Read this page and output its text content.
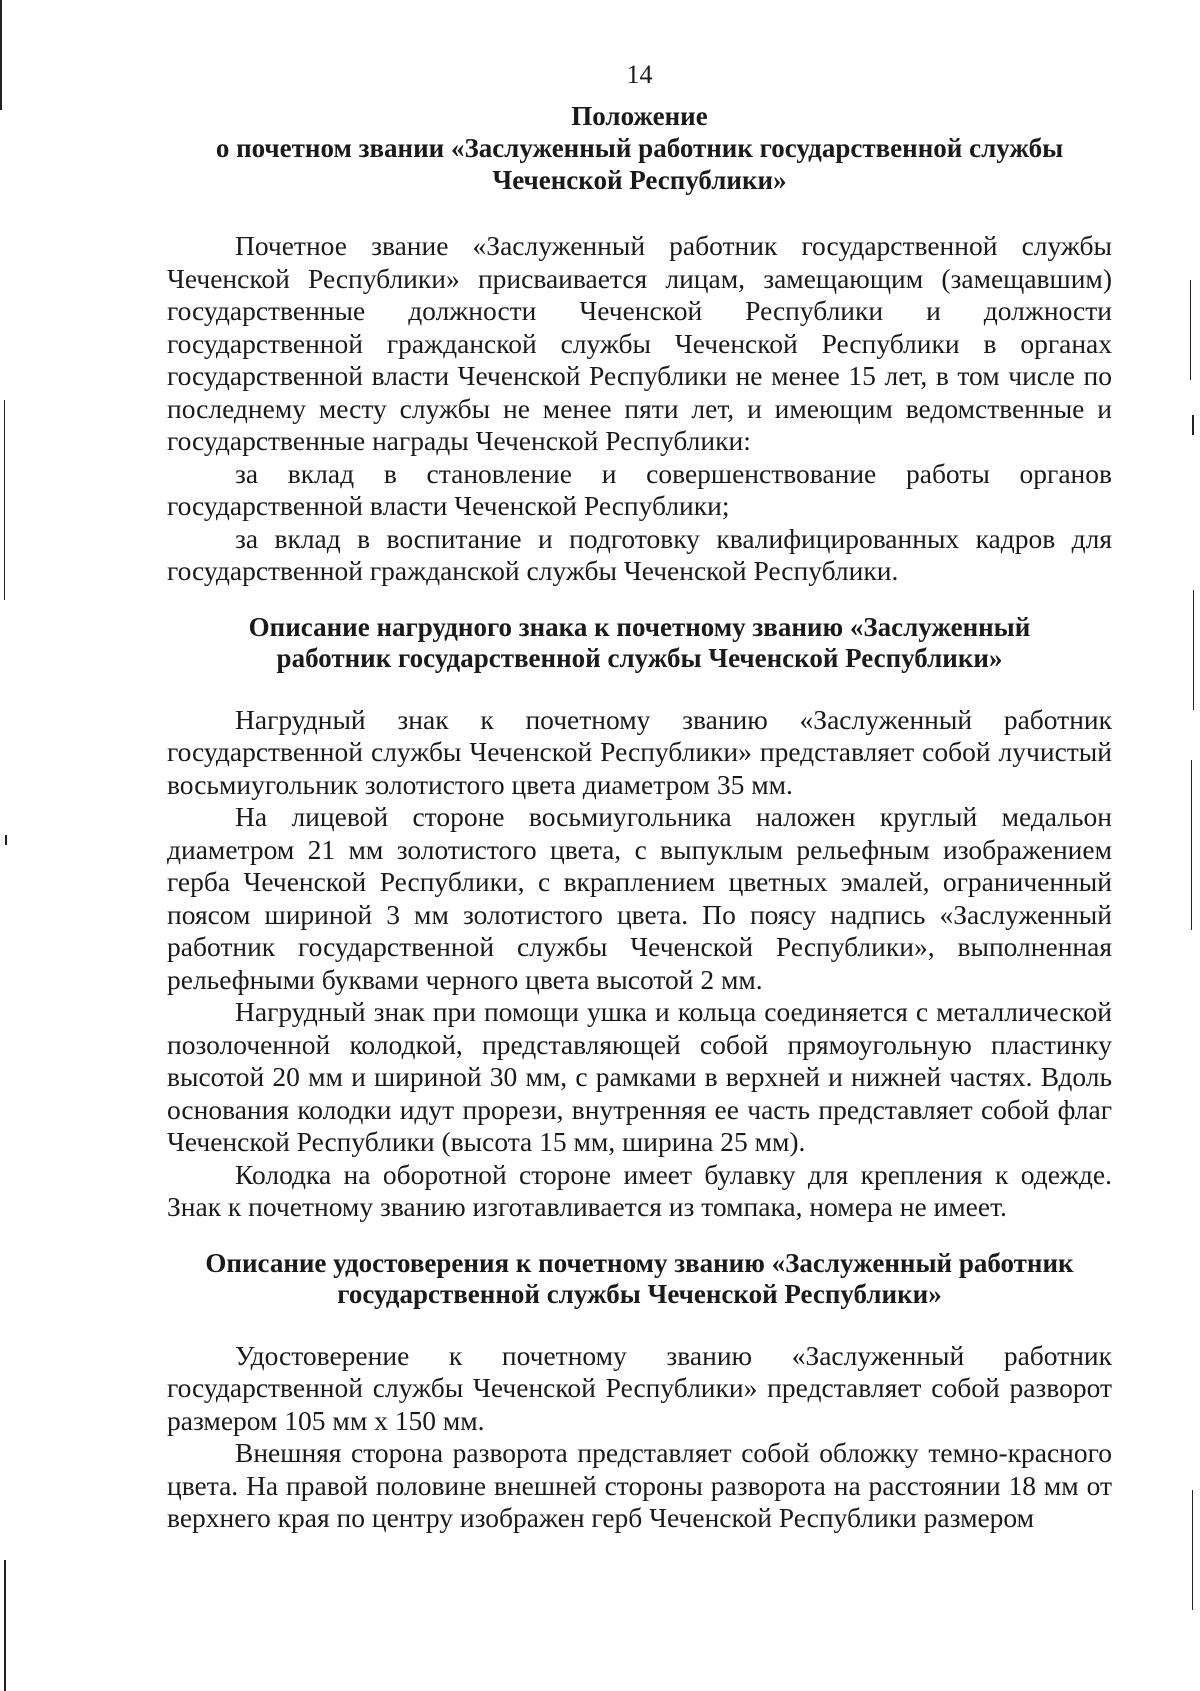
14
Положение
о почетном звании «Заслуженный работник государственной службы
Чеченской Республики»

Почетное звание «Заслуженный работник государственной службы Чеченской Республики» присваивается лицам, замещающим (замещавшим) государственные должности Чеченской Республики и должности государственной гражданской службы Чеченской Республики в органах государственной власти Чеченской Республики не менее 15 лет, в том числе по последнему месту службы не менее пяти лет, и имеющим ведомственные и государственные награды Чеченской Республики:

за вклад в становление и совершенствование работы органов государственной власти Чеченской Республики;

за вклад в воспитание и подготовку квалифицированных кадров для государственной гражданской службы Чеченской Республики.

Описание нагрудного знака к почетному званию «Заслуженный
работник государственной службы Чеченской Республики»

Нагрудный знак к почетному званию «Заслуженный работник государственной службы Чеченской Республики» представляет собой лучистый восьмиугольник золотистого цвета диаметром 35 мм.

На лицевой стороне восьмиугольника наложен круглый медальон диаметром 21 мм золотистого цвета, с выпуклым рельефным изображением герба Чеченской Республики, с вкраплением цветных эмалей, ограниченный поясом шириной 3 мм золотистого цвета. По поясу надпись «Заслуженный работник государственной службы Чеченской Республики», выполненная рельефными буквами черного цвета высотой 2 мм.

Нагрудный знак при помощи ушка и кольца соединяется с металлической позолоченной колодкой, представляющей собой прямоугольную пластинку высотой 20 мм и шириной 30 мм, с рамками в верхней и нижней частях. Вдоль основания колодки идут прорези, внутренняя ее часть представляет собой флаг Чеченской Республики (высота 15 мм, ширина 25 мм).

Колодка на оборотной стороне имеет булавку для крепления к одежде. Знак к почетному званию изготавливается из томпака, номера не имеет.

Описание удостоверения к почетному званию «Заслуженный работник
государственной службы Чеченской Республики»

Удостоверение к почетному званию «Заслуженный работник государственной службы Чеченской Республики» представляет собой разворот размером 105 мм х 150 мм.

Внешняя сторона разворота представляет собой обложку темно-красного цвета. На правой половине внешней стороны разворота на расстоянии 18 мм от верхнего края по центру изображен герб Чеченской Республики размером
